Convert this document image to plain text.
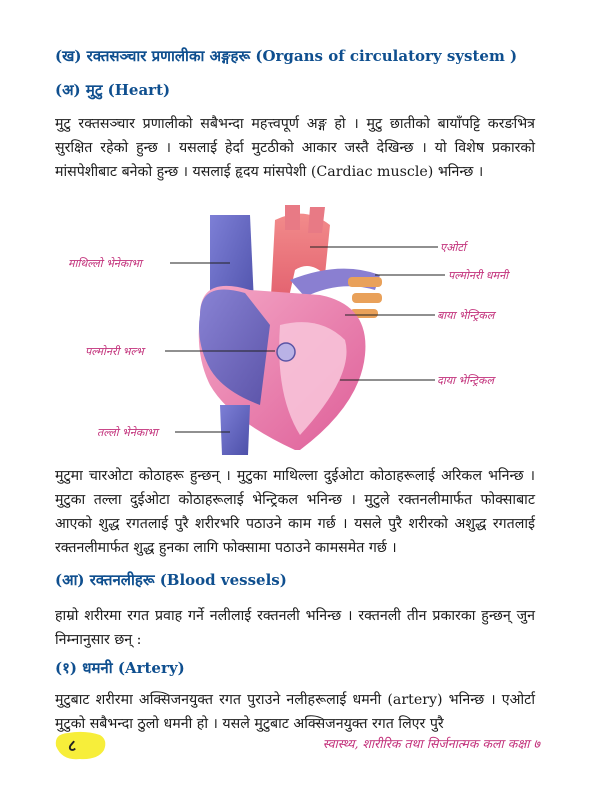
(ख) रक्तसञ्चार प्रणालीका अङ्गहरू (Organs of circulatory system )
(अ) मुटु (Heart)

मुटु रक्तसञ्चार प्रणालीको सबैभन्दा महत्त्वपूर्ण अङ्ग हो । मुटु छातीको बायाँपट्टि करङभित्र सुरक्षित रहेको हुन्छ । यसलाई हेर्दा मुटठीको आकार जस्तै देखिन्छ । यो विशेष प्रकारको मांसपेशीबाट बनेको हुन्छ । यसलाई हृदय मांसपेशी (Cardiac muscle) भनिन्छ ।

माथिल्लो भेनेकाभा
पल्मोनरी भल्भ
तल्लो भेनेकाभा
एओर्टा
पल्मोनरी धमनी
बाया भेन्ट्रिकल
दाया भेन्ट्रिकल

मुटुमा चारओटा कोठाहरू हुन्छन् । मुटुका माथिल्ला दुईओटा कोठाहरूलाई अरिकल भनिन्छ । मुटुका तल्ला दुईओटा कोठाहरूलाई भेन्ट्रिकल भनिन्छ । मुटुले रक्तनलीमार्फत फोक्साबाट आएको शुद्ध रगतलाई पुरै शरीरभरि पठाउने काम गर्छ । यसले पुरै शरीरको अशुद्ध रगतलाई रक्तनलीमार्फत शुद्ध हुनका लागि फोक्सामा पठाउने कामसमेत गर्छ ।

(आ) रक्तनलीहरू (Blood vessels)

हाम्रो शरीरमा रगत प्रवाह गर्ने नलीलाई रक्तनली भनिन्छ । रक्तनली तीन प्रकारका हुन्छन् जुन निम्नानुसार छन् :

(१) धमनी (Artery)

मुटुबाट शरीरमा अक्सिजनयुक्त रगत पुराउने नलीहरूलाई धमनी (artery) भनिन्छ । एओर्टा मुटुको सबैभन्दा ठुलो धमनी हो । यसले मुटुबाट अक्सिजनयुक्त रगत लिएर पुरै

८	स्वास्थ्य, शारीरिक तथा सिर्जनात्मक कला कक्षा ७
